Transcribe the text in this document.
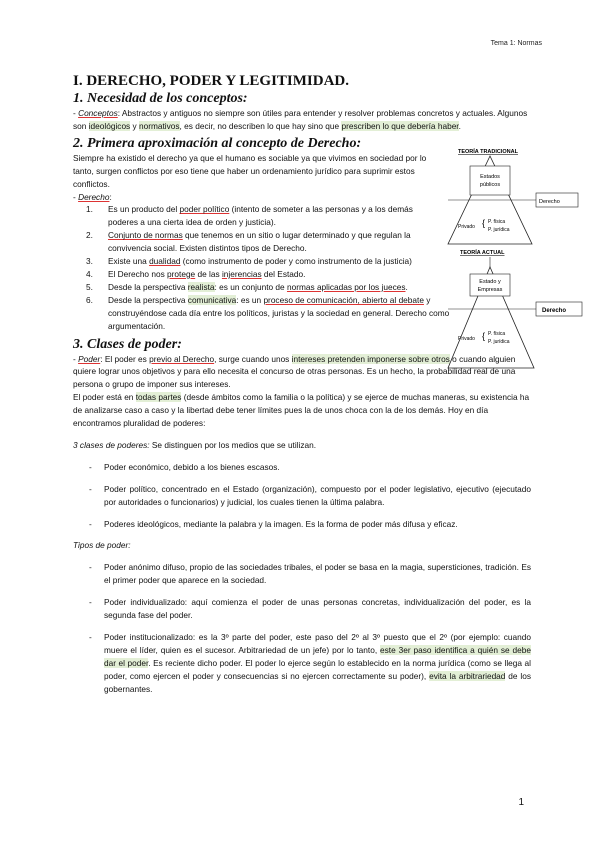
Tema 1: Normas

I. DERECHO, PODER Y LEGITIMIDAD.

1. Necesidad de los conceptos:

- Conceptos: Abstractos y antiguos no siempre son útiles para entender y resolver problemas concretos y actuales. Algunos son ideológicos y normativos, es decir, no describen lo que hay sino que prescriben lo que debería haber.

2. Primera aproximación al concepto de Derecho:

Siempre ha existido el derecho ya que el humano es sociable ya que vivimos en sociedad por lo tanto, surgen conflictos por eso tiene que haber un ordenamiento jurídico para suprimir estos conflictos.

- Derecho:

1. Es un producto del poder político (intento de someter a las personas y a los demás poderes a una cierta idea de orden y justicia).
2. Conjunto de normas que tenemos en un sitio o lugar determinado y que regulan la convivencia social. Existen distintos tipos de Derecho.
3. Existe una dualidad (como instrumento de poder y como instrumento de la justicia)
4. El Derecho nos protege de las injerencias del Estado.
5. Desde la perspectiva realista: es un conjunto de normas aplicadas por los jueces.
6. Desde la perspectiva comunicativa: es un proceso de comunicación, abierto al debate y construyéndose cada día entre los políticos, juristas y la sociedad en general. Derecho como argumentación.

3. Clases de poder:

- Poder: El poder es previo al Derecho, surge cuando unos intereses pretenden imponerse sobre otros o cuando alguien quiere lograr unos objetivos y para ello necesita el concurso de otras personas. Es un hecho, la probabilidad real de una persona o grupo de imponer sus intereses.

El poder está en todas partes (desde ámbitos como la familia o la política) y se ejerce de muchas maneras, su existencia ha de analizarse caso a caso y la libertad debe tener límites pues la de unos choca con la de los demás. Hoy en día encontramos pluralidad de poderes:

3 clases de poderes: Se distinguen por los medios que se utilizan.

- Poder económico, debido a los bienes escasos.
- Poder político, concentrado en el Estado (organización), compuesto por el poder legislativo, ejecutivo (ejecutado por autoridades o funcionarios) y judicial, los cuales tienen la última palabra.
- Poderes ideológicos, mediante la palabra y la imagen. Es la forma de poder más difusa y eficaz.

Tipos de poder:

- Poder anónimo difuso, propio de las sociedades tribales, el poder se basa en la magia, supersticiones, tradición. Es el primer poder que aparece en la sociedad.
- Poder individualizado: aquí comienza el poder de unas personas concretas, individualización del poder, es la segunda fase del poder.
- Poder institucionalizado: es la 3º parte del poder, este paso del 2º al 3º puesto que el 2º (por ejemplo: cuando muere el líder, quien es el sucesor. Arbitrariedad de un jefe) por lo tanto, este 3er paso identifica a quién se debe dar el poder. Es reciente dicho poder. El poder lo ejerce según lo establecido en la norma jurídica (como se llega al poder, como ejercen el poder y consecuencias si no ejercen correctamente su poder), evita la arbitrariedad de los gobernantes.
TEORÍA TRADICIONAL
Estados
públicos
Derecho
Privado { P. física
P. jurídica
TEORÍA ACTUAL
Estado y
Empresas
Derecho
Privado { P. física
P. jurídica
1
